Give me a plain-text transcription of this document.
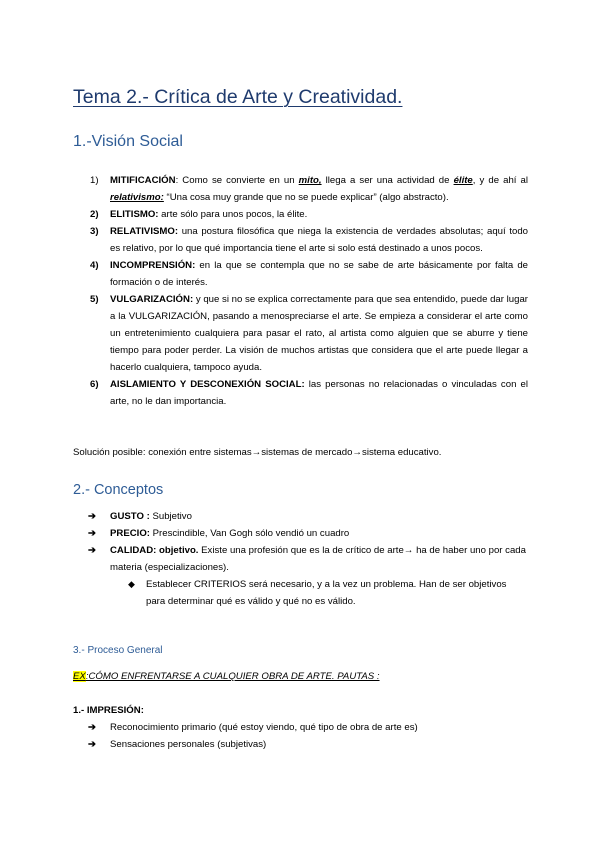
Tema 2.- Crítica de Arte y Creatividad.
1.-Visión Social
1) MITIFICACIÓN: Como se convierte en un mito, llega a ser una actividad de élite, y de ahí al relativismo: “Una cosa muy grande que no se puede explicar” (algo abstracto).
2) ELITISMO: arte sólo para unos pocos, la élite.
3) RELATIVISMO: una postura filosófica que niega la existencia de verdades absolutas; aquí todo es relativo, por lo que qué importancia tiene el arte si solo está destinado a unos pocos.
4) INCOMPRENSIÓN: en la que se contempla que no se sabe de arte básicamente por falta de formación o de interés.
5) VULGARIZACIÓN: y que si no se explica correctamente para que sea entendido, puede dar lugar a la VULGARIZACIÓN, pasando a menospreciarse el arte. Se empieza a considerar el arte como un entretenimiento cualquiera para pasar el rato, al artista como alguien que se aburre y tiene tiempo para poder perder. La visión de muchos artistas que considera que el arte puede llegar a hacerlo cualquiera, tampoco ayuda.
6) AISLAMIENTO Y DESCONEXIÓN SOCIAL: las personas no relacionadas o vinculadas con el arte, no le dan importancia.
Solución posible: conexión entre sistemas→sistemas de mercado→sistema educativo.
2.- Conceptos
➔ GUSTO : Subjetivo
➔ PRECIO: Prescindible, Van Gogh sólo vendió un cuadro
➔ CALIDAD: objetivo. Existe una profesión que es la de crítico de arte→ ha de haber uno por cada materia (especializaciones).
◆ Establecer CRITERIOS será necesario, y a la vez un problema. Han de ser objetivos para determinar qué es válido y qué no es válido.
3.- Proceso General
EX:CÓMO ENFRENTARSE A CUALQUIER OBRA DE ARTE. PAUTAS :
1.- IMPRESIÓN:
➔ Reconocimiento primario (qué estoy viendo, qué tipo de obra de arte es)
➔ Sensaciones personales (subjetivas)
